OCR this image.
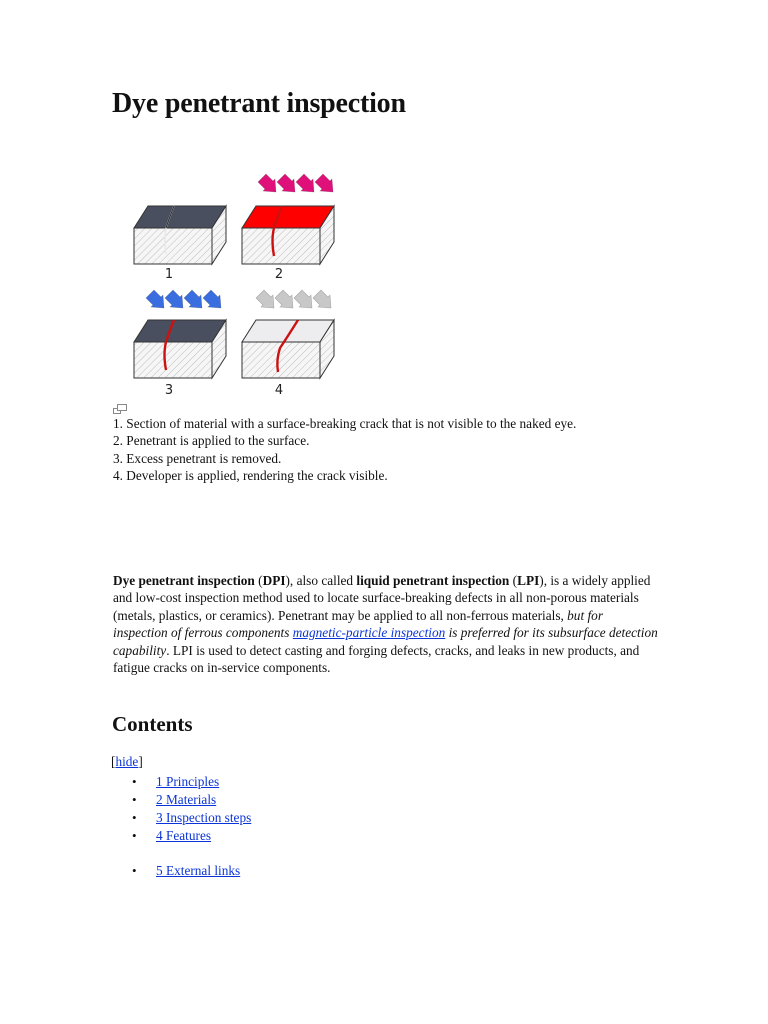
Dye penetrant inspection
1	2
3	4
1. Section of material with a surface-breaking crack that is not visible to the naked eye.
2. Penetrant is applied to the surface.
3. Excess penetrant is removed.
4. Developer is applied, rendering the crack visible.

Dye penetrant inspection (DPI), also called liquid penetrant inspection (LPI), is a widely applied and low-cost inspection method used to locate surface-breaking defects in all non-porous materials (metals, plastics, or ceramics). Penetrant may be applied to all non-ferrous materials, but for inspection of ferrous components magnetic-particle inspection is preferred for its subsurface detection capability. LPI is used to detect casting and forging defects, cracks, and leaks in new products, and fatigue cracks on in-service components.

Contents
[hide]
• 1 Principles
• 2 Materials
• 3 Inspection steps
• 4 Features
• 5 External links
